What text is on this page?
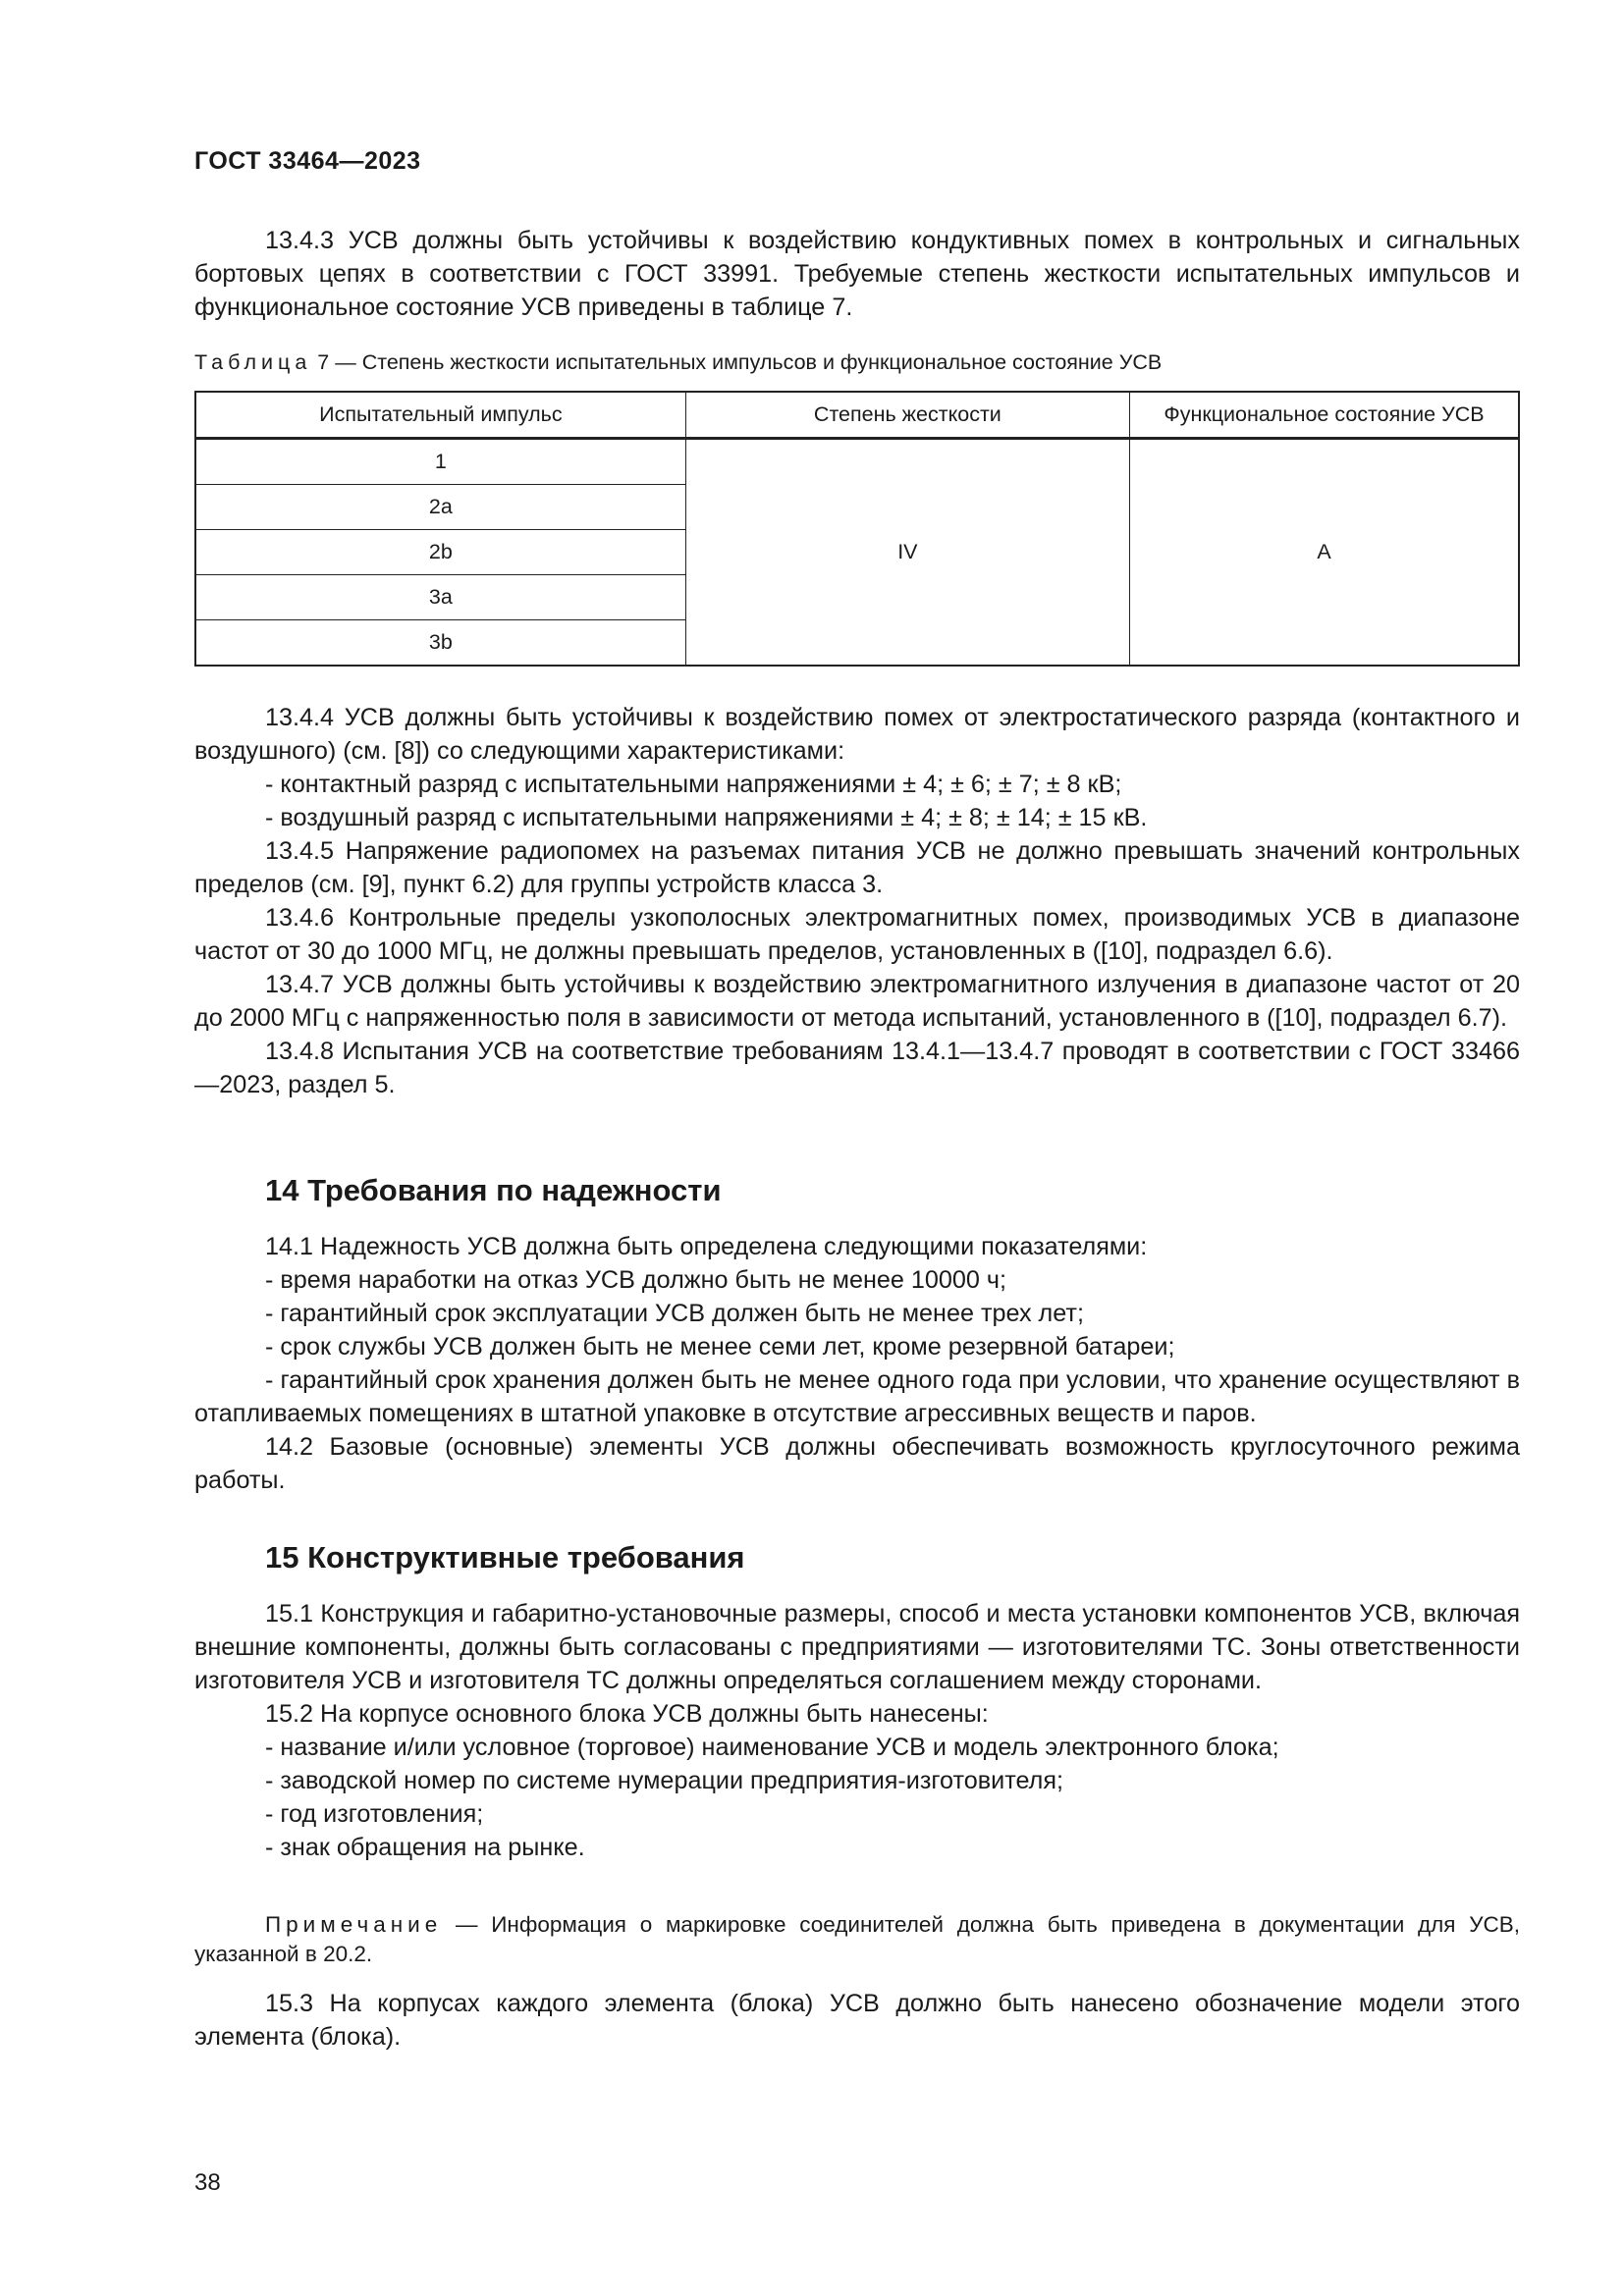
ГОСТ 33464—2023

13.4.3 УСВ должны быть устойчивы к воздействию кондуктивных помех в контрольных и сигнальных бортовых цепях в соответствии с ГОСТ 33991. Требуемые степень жесткости испытательных импульсов и функциональное состояние УСВ приведены в таблице 7.

Таблица 7 — Степень жесткости испытательных импульсов и функциональное состояние УСВ
Испытательный импульс	Степень жесткости	Функциональное состояние УСВ
1	IV	A
2a		
2b		
3a		
3b		

13.4.4 УСВ должны быть устойчивы к воздействию помех от электростатического разряда (контактного и воздушного) (см. [8]) со следующими характеристиками:

- контактный разряд с испытательными напряжениями ± 4; ± 6; ± 7; ± 8 кВ;

- воздушный разряд с испытательными напряжениями ± 4; ± 8; ± 14; ± 15 кВ.

13.4.5 Напряжение радиопомех на разъемах питания УСВ не должно превышать значений контрольных пределов (см. [9], пункт 6.2) для группы устройств класса 3.

13.4.6 Контрольные пределы узкополосных электромагнитных помех, производимых УСВ в диапазоне частот от 30 до 1000 МГц, не должны превышать пределов, установленных в ([10], подраздел 6.6).

13.4.7 УСВ должны быть устойчивы к воздействию электромагнитного излучения в диапазоне частот от 20 до 2000 МГц с напряженностью поля в зависимости от метода испытаний, установленного в ([10], подраздел 6.7).

13.4.8 Испытания УСВ на соответствие требованиям 13.4.1—13.4.7 проводят в соответствии с ГОСТ 33466—2023, раздел 5.

14 Требования по надежности

14.1 Надежность УСВ должна быть определена следующими показателями:

- время наработки на отказ УСВ должно быть не менее 10000 ч;

- гарантийный срок эксплуатации УСВ должен быть не менее трех лет;

- срок службы УСВ должен быть не менее семи лет, кроме резервной батареи;

- гарантийный срок хранения должен быть не менее одного года при условии, что хранение осуществляют в отапливаемых помещениях в штатной упаковке в отсутствие агрессивных веществ и паров.

14.2 Базовые (основные) элементы УСВ должны обеспечивать возможность круглосуточного режима работы.

15 Конструктивные требования

15.1 Конструкция и габаритно-установочные размеры, способ и места установки компонентов УСВ, включая внешние компоненты, должны быть согласованы с предприятиями — изготовителями ТС. Зоны ответственности изготовителя УСВ и изготовителя ТС должны определяться соглашением между сторонами.

15.2 На корпусе основного блока УСВ должны быть нанесены:

- название и/или условное (торговое) наименование УСВ и модель электронного блока;

- заводской номер по системе нумерации предприятия-изготовителя;

- год изготовления;

- знак обращения на рынке.

Примечание — Информация о маркировке соединителей должна быть приведена в документации для УСВ, указанной в 20.2.

15.3 На корпусах каждого элемента (блока) УСВ должно быть нанесено обозначение модели этого элемента (блока).

38
